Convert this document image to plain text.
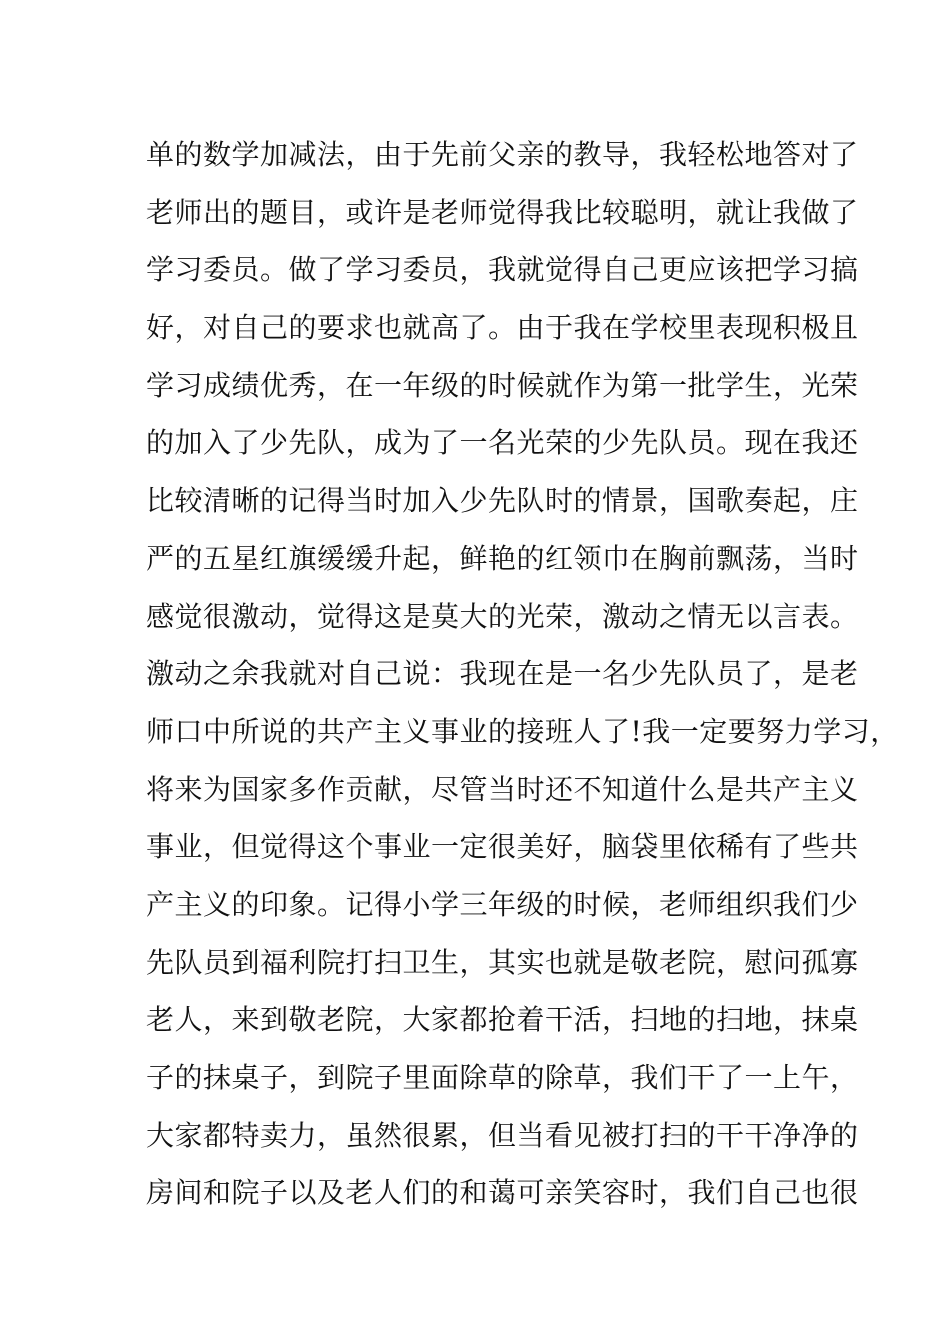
单的数学加减法，由于先前父亲的教导，我轻松地答对了
老师出的题目，或许是老师觉得我比较聪明，就让我做了
学习委员。做了学习委员，我就觉得自己更应该把学习搞
好，对自己的要求也就高了。由于我在学校里表现积极且
学习成绩优秀，在一年级的时候就作为第一批学生，光荣
的加入了少先队，成为了一名光荣的少先队员。现在我还
比较清晰的记得当时加入少先队时的情景，国歌奏起，庄
严的五星红旗缓缓升起，鲜艳的红领巾在胸前飘荡，当时
感觉很激动，觉得这是莫大的光荣，激动之情无以言表。
激动之余我就对自己说：我现在是一名少先队员了，是老
师口中所说的共产主义事业的接班人了!我一定要努力学习，
将来为国家多作贡献，尽管当时还不知道什么是共产主义
事业，但觉得这个事业一定很美好，脑袋里依稀有了些共
产主义的印象。记得小学三年级的时候，老师组织我们少
先队员到福利院打扫卫生，其实也就是敬老院，慰问孤寡
老人，来到敬老院，大家都抢着干活，扫地的扫地，抹桌
子的抹桌子，到院子里面除草的除草，我们干了一上午，
大家都特卖力，虽然很累，但当看见被打扫的干干净净的
房间和院子以及老人们的和蔼可亲笑容时，我们自己也很
